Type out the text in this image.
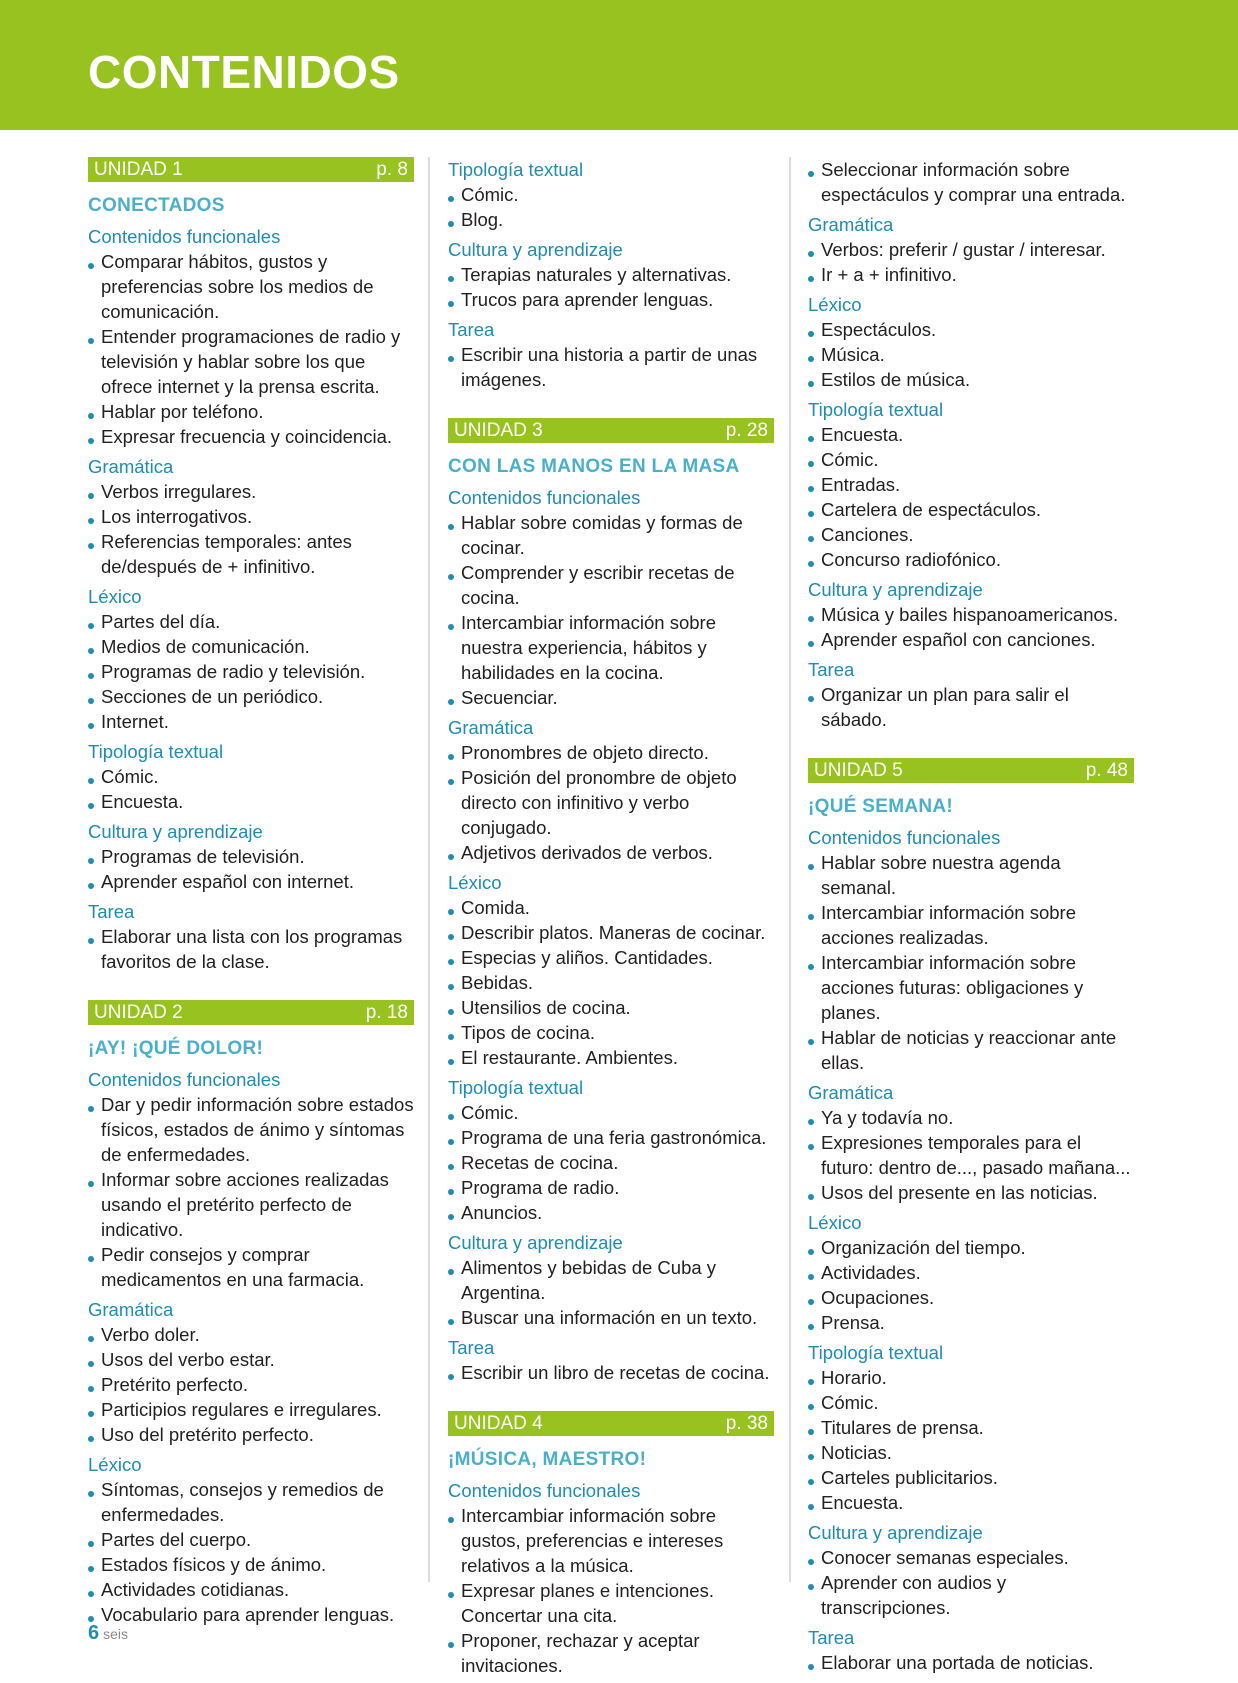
CONTENIDOS
UNIDAD 1	p. 8
CONECTADOS
Contenidos funcionales
Comparar hábitos, gustos y preferencias sobre los medios de comunicación.
Entender programaciones de radio y televisión y hablar sobre los que ofrece internet y la prensa escrita.
Hablar por teléfono.
Expresar frecuencia y coincidencia.
Gramática
Verbos irregulares.
Los interrogativos.
Referencias temporales: antes de/después de + infinitivo.
Léxico
Partes del día.
Medios de comunicación.
Programas de radio y televisión.
Secciones de un periódico.
Internet.
Tipología textual
Cómic.
Encuesta.
Cultura y aprendizaje
Programas de televisión.
Aprender español con internet.
Tarea
Elaborar una lista con los programas favoritos de la clase.
UNIDAD 2	p. 18
¡AY! ¡QUÉ DOLOR!
Contenidos funcionales
Dar y pedir información sobre estados físicos, estados de ánimo y síntomas de enfermedades.
Informar sobre acciones realizadas usando el pretérito perfecto de indicativo.
Pedir consejos y comprar medicamentos en una farmacia.
Gramática
Verbo doler.
Usos del verbo estar.
Pretérito perfecto.
Participios regulares e irregulares.
Uso del pretérito perfecto.
Léxico
Síntomas, consejos y remedios de enfermedades.
Partes del cuerpo.
Estados físicos y de ánimo.
Actividades cotidianas.
Vocabulario para aprender lenguas.
Tipología textual
Cómic.
Blog.
Cultura y aprendizaje
Terapias naturales y alternativas.
Trucos para aprender lenguas.
Tarea
Escribir una historia a partir de unas imágenes.
UNIDAD 3	p. 28
CON LAS MANOS EN LA MASA
Contenidos funcionales
Hablar sobre comidas y formas de cocinar.
Comprender y escribir recetas de cocina.
Intercambiar información sobre nuestra experiencia, hábitos y habilidades en la cocina.
Secuenciar.
Gramática
Pronombres de objeto directo.
Posición del pronombre de objeto directo con infinitivo y verbo conjugado.
Adjetivos derivados de verbos.
Léxico
Comida.
Describir platos. Maneras de cocinar.
Especias y aliños. Cantidades.
Bebidas.
Utensilios de cocina.
Tipos de cocina.
El restaurante. Ambientes.
Tipología textual
Cómic.
Programa de una feria gastronómica.
Recetas de cocina.
Programa de radio.
Anuncios.
Cultura y aprendizaje
Alimentos y bebidas de Cuba y Argentina.
Buscar una información en un texto.
Tarea
Escribir un libro de recetas de cocina.
UNIDAD 4	p. 38
¡MÚSICA, MAESTRO!
Contenidos funcionales
Intercambiar información sobre gustos, preferencias e intereses relativos a la música.
Expresar planes e intenciones. Concertar una cita.
Proponer, rechazar y aceptar invitaciones.
Seleccionar información sobre espectáculos y comprar una entrada.
Gramática
Verbos: preferir / gustar / interesar.
Ir + a + infinitivo.
Léxico
Espectáculos.
Música.
Estilos de música.
Tipología textual
Encuesta.
Cómic.
Entradas.
Cartelera de espectáculos.
Canciones.
Concurso radiofónico.
Cultura y aprendizaje
Música y bailes hispanoamericanos.
Aprender español con canciones.
Tarea
Organizar un plan para salir el sábado.
UNIDAD 5	p. 48
¡QUÉ SEMANA!
Contenidos funcionales
Hablar sobre nuestra agenda semanal.
Intercambiar información sobre acciones realizadas.
Intercambiar información sobre acciones futuras: obligaciones y planes.
Hablar de noticias y reaccionar ante ellas.
Gramática
Ya y todavía no.
Expresiones temporales para el futuro: dentro de..., pasado mañana...
Usos del presente en las noticias.
Léxico
Organización del tiempo.
Actividades.
Ocupaciones.
Prensa.
Tipología textual
Horario.
Cómic.
Titulares de prensa.
Noticias.
Carteles publicitarios.
Encuesta.
Cultura y aprendizaje
Conocer semanas especiales.
Aprender con audios y transcripciones.
Tarea
Elaborar una portada de noticias.
6 seis
